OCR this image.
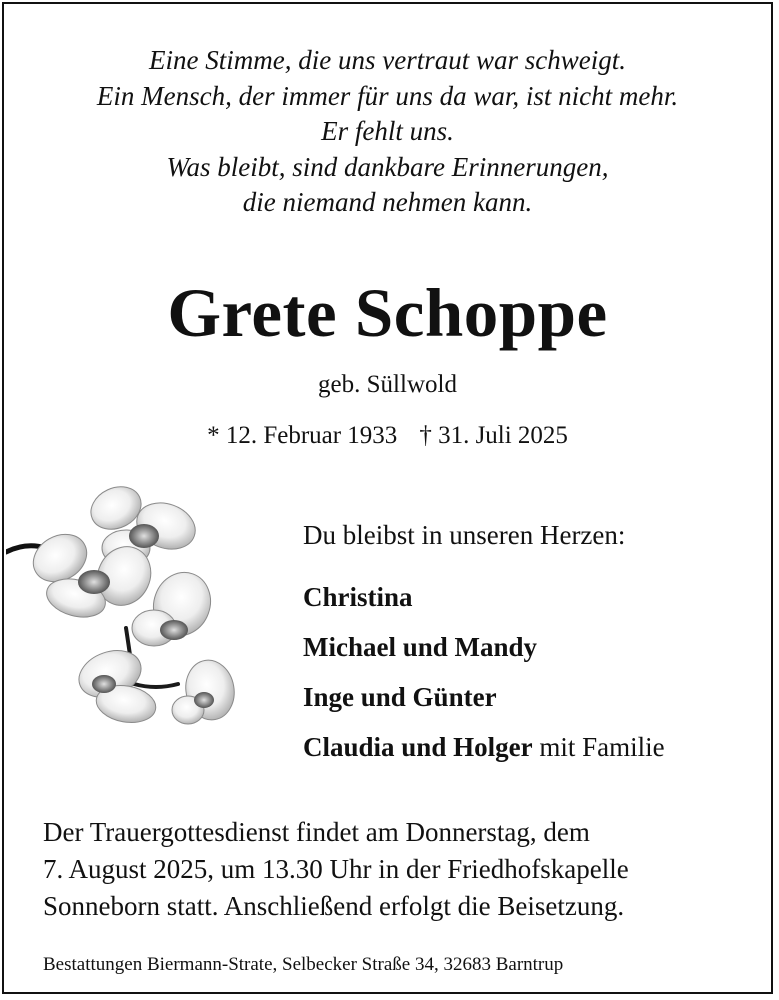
Eine Stimme, die uns vertraut war schweigt.
Ein Mensch, der immer für uns da war, ist nicht mehr.
Er fehlt uns.
Was bleibt, sind dankbare Erinnerungen,
die niemand nehmen kann.
Grete Schoppe
geb. Süllwold
* 12. Februar 1933 † 31. Juli 2025
Du bleibst in unseren Herzen:
Christina
Michael und Mandy
Inge und Günter
Claudia und Holger mit Familie
Der Trauergottesdienst findet am Donnerstag, dem
7. August 2025, um 13.30 Uhr in der Friedhofskapelle
Sonneborn statt. Anschließend erfolgt die Beisetzung.
Bestattungen Biermann-Strate, Selbecker Straße 34, 32683 Barntrup
